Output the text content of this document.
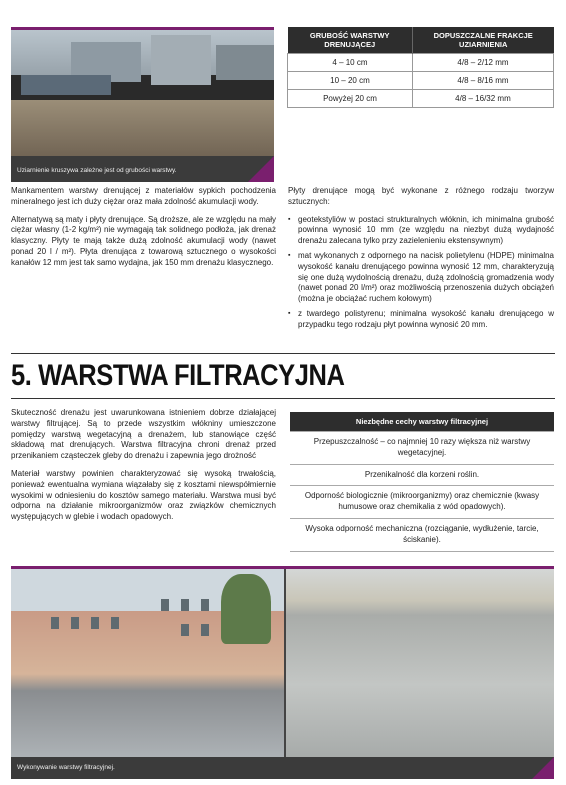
Uziarnienie kruszywa zależne jest od grubości warstwy.
GRUBOŚĆ WARSTWY DRENUJĄCEJ	DOPUSZCZALNE FRAKCJE UZIARNIENIA
4 – 10 cm	4/8 – 2/12 mm
10 – 20 cm	4/8 – 8/16 mm
Powyżej 20 cm	4/8 – 16/32 mm

Mankamentem warstwy drenującej z materiałów sypkich pochodzenia mineralnego jest ich duży ciężar oraz mała zdolność akumulacji wody.

Alternatywą są maty i płyty drenujące. Są droższe, ale ze względu na mały ciężar własny (1-2 kg/m²) nie wymagają tak solidnego podłoża, jak drenaż klasyczny. Płyty te mają także dużą zdolność akumulacji wody (nawet ponad 20 l / m²). Płyta drenująca z towarową sztucznego o wysokości kanałów 12 mm jest tak samo wydajna, jak 150 mm drenażu klasycznego.

Płyty drenujące mogą być wykonane z różnego rodzaju tworzyw sztucznych:

▪ geotekstyliów w postaci strukturalnych włóknin, ich minimalna grubość powinna wynosić 10 mm (ze względu na niezbyt dużą wydajność drenażu zalecana tylko przy zazielenieniu ekstensywnym)
▪ mat wykonanych z odpornego na nacisk polietylenu (HDPE) minimalna wysokość kanału drenującego powinna wynosić 12 mm, charakteryzują się one dużą wydolnością drenażu, dużą zdolnością gromadzenia wody (nawet ponad 20 l/m²) oraz możliwością przenoszenia dużych obciążeń (można je obciążać ruchem kołowym)
▪ z twardego polistyrenu; minimalna wysokość kanału drenującego w przypadku tego rodzaju płyt powinna wynosić 20 mm.
5. WARSTWA FILTRACYJNA

Skuteczność drenażu jest uwarunkowana istnieniem dobrze działającej warstwy filtrującej. Są to przede wszystkim włókniny umieszczone pomiędzy warstwą wegetacyjną a drenażem, lub stanowiące część składową mat drenujących. Warstwa filtracyjna chroni drenaż przed przenikaniem cząsteczek gleby do drenażu i zapewnia jego drożność

Materiał warstwy powinien charakteryzować się wysoką trwałością, ponieważ ewentualna wymiana wiązałaby się z kosztami niewspółmiernie wysokimi w odniesieniu do kosztów samego materiału. Warstwa musi być odporna na działanie mikroorganizmów oraz związków chemicznych występujących w glebie i wodach opadowych.

Niezbędne cechy warstwy filtracyjnej
Przepuszczalność – co najmniej 10 razy większa niż warstwy wegetacyjnej.
Przenikalność dla korzeni roślin.
Odporność biologicznie (mikroorganizmy) oraz chemicznie (kwasy humusowe oraz chemikalia z wód opadowych).
Wysoka odporność mechaniczna (rozciąganie, wydłużenie, tarcie, ściskanie).
Wykonywanie warstwy filtracyjnej.
